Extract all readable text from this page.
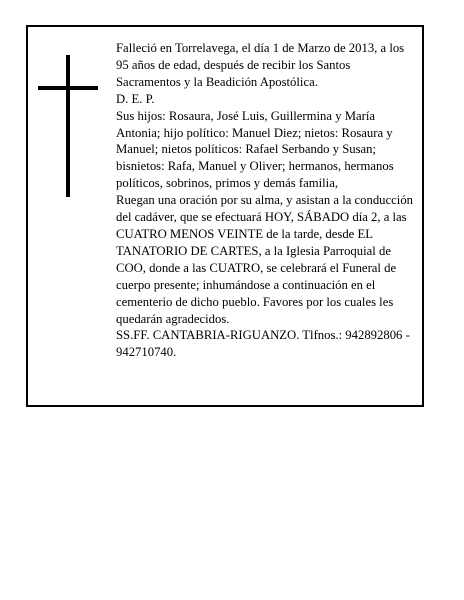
Falleció en Torrelavega, el día 1 de Marzo de 2013, a los 95 años de edad, después de recibir los Santos Sacramentos y la Beadición Apostólica.

D. E. P.

Sus hijos: Rosaura, José Luis, Guillermina y María Antonia; hijo político: Manuel Diez; nietos: Rosaura y Manuel; nietos políticos: Rafael Serbando y Susan; bisnietos: Rafa, Manuel y Oliver; hermanos, hermanos políticos, sobrinos, primos y demás familia,

Ruegan una oración por su alma, y asistan a la conducción del cadáver, que se efectuará HOY, SÁBADO día 2, a las CUATRO MENOS VEINTE de la tarde, desde EL TANATORIO DE CARTES, a la Iglesia Parroquial de COO, donde a las CUATRO, se celebrará el Funeral de cuerpo presente; inhumándose a continuación en el cementerio de dicho pueblo. Favores por los cuales les quedarán agradecidos.

SS.FF. CANTABRIA-RIGUANZO. Tlfnos.: 942892806 - 942710740.
